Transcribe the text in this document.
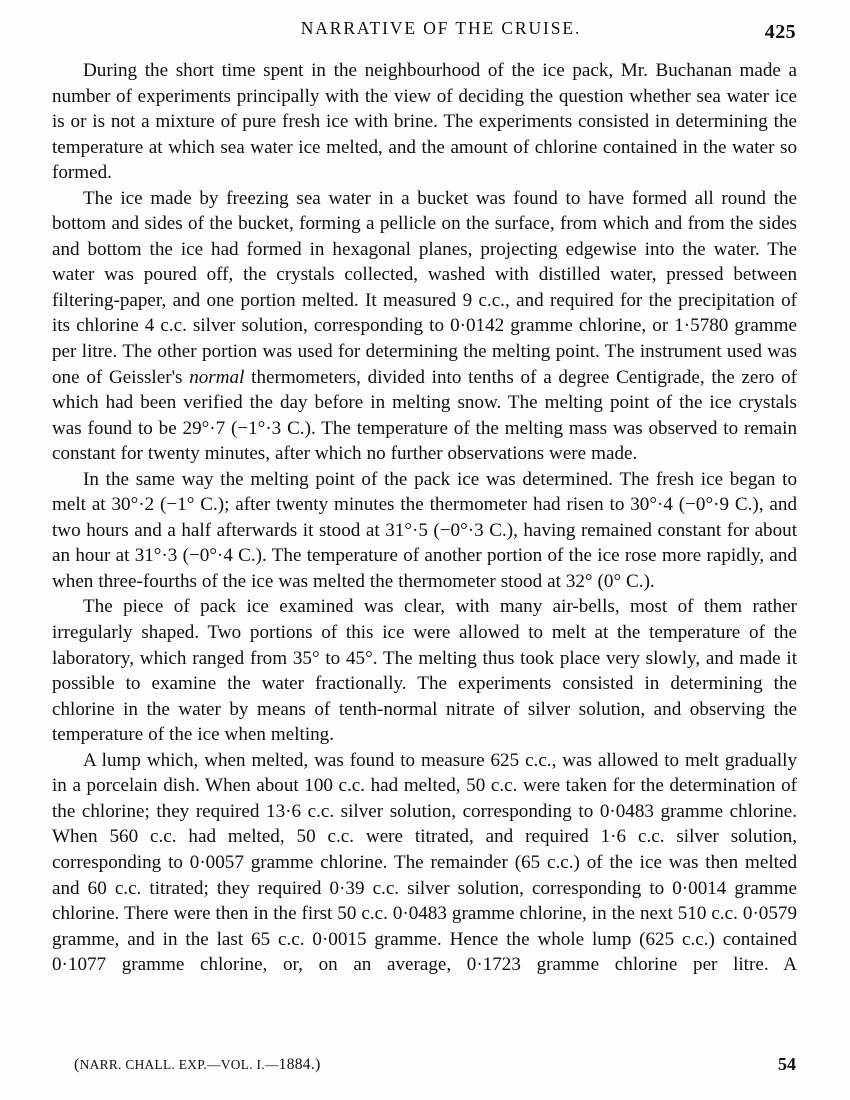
NARRATIVE OF THE CRUISE.	425

During the short time spent in the neighbourhood of the ice pack, Mr. Buchanan made a number of experiments principally with the view of deciding the question whether sea water ice is or is not a mixture of pure fresh ice with brine. The experiments consisted in determining the temperature at which sea water ice melted, and the amount of chlorine contained in the water so formed.

The ice made by freezing sea water in a bucket was found to have formed all round the bottom and sides of the bucket, forming a pellicle on the surface, from which and from the sides and bottom the ice had formed in hexagonal planes, projecting edgewise into the water. The water was poured off, the crystals collected, washed with distilled water, pressed between filtering-paper, and one portion melted. It measured 9 c.c., and required for the precipitation of its chlorine 4 c.c. silver solution, corresponding to 0·0142 gramme chlorine, or 1·5780 gramme per litre. The other portion was used for determining the melting point. The instrument used was one of Geissler's normal thermometers, divided into tenths of a degree Centigrade, the zero of which had been verified the day before in melting snow. The melting point of the ice crystals was found to be 29°·7 (−1°·3 C.). The temperature of the melting mass was observed to remain constant for twenty minutes, after which no further observations were made.

In the same way the melting point of the pack ice was determined. The fresh ice began to melt at 30°·2 (−1° C.); after twenty minutes the thermometer had risen to 30°·4 (−0°·9 C.), and two hours and a half afterwards it stood at 31°·5 (−0°·3 C.), having remained constant for about an hour at 31°·3 (−0°·4 C.). The temperature of another portion of the ice rose more rapidly, and when three-fourths of the ice was melted the thermometer stood at 32° (0° C.).

The piece of pack ice examined was clear, with many air-bells, most of them rather irregularly shaped. Two portions of this ice were allowed to melt at the temperature of the laboratory, which ranged from 35° to 45°. The melting thus took place very slowly, and made it possible to examine the water fractionally. The experiments consisted in determining the chlorine in the water by means of tenth-normal nitrate of silver solution, and observing the temperature of the ice when melting.

A lump which, when melted, was found to measure 625 c.c., was allowed to melt gradually in a porcelain dish. When about 100 c.c. had melted, 50 c.c. were taken for the determination of the chlorine; they required 13·6 c.c. silver solution, corresponding to 0·0483 gramme chlorine. When 560 c.c. had melted, 50 c.c. were titrated, and required 1·6 c.c. silver solution, corresponding to 0·0057 gramme chlorine. The remainder (65 c.c.) of the ice was then melted and 60 c.c. titrated; they required 0·39 c.c. silver solution, corresponding to 0·0014 gramme chlorine. There were then in the first 50 c.c. 0·0483 gramme chlorine, in the next 510 c.c. 0·0579 gramme, and in the last 65 c.c. 0·0015 gramme. Hence the whole lump (625 c.c.) contained 0·1077 gramme chlorine, or, on an average, 0·1723 gramme chlorine per litre. A

(NARR. CHALL. EXP.—VOL. I.—1884.)	54
